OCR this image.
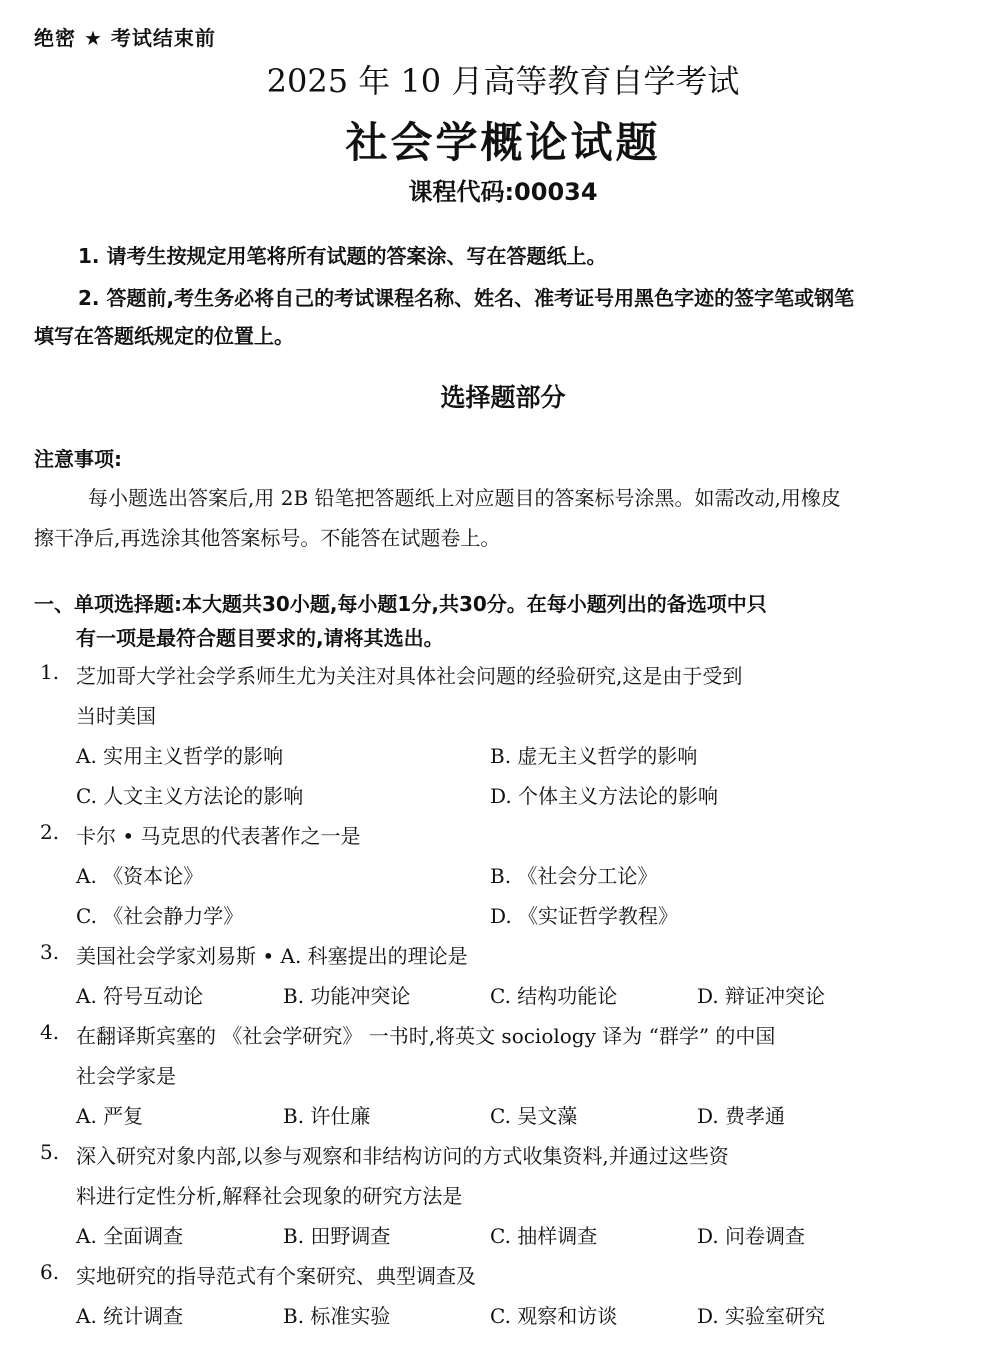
绝密 ★ 考试结束前
2025 年 10 月高等教育自学考试
社会学概论试题
课程代码:00034
1. 请考生按规定用笔将所有试题的答案涂、写在答题纸上。
2. 答题前,考生务必将自己的考试课程名称、姓名、准考证号用黑色字迹的签字笔或钢笔
填写在答题纸规定的位置上。
选择题部分
注意事项:
每小题选出答案后,用 2B 铅笔把答题纸上对应题目的答案标号涂黑。如需改动,用橡皮
擦干净后,再选涂其他答案标号。不能答在试题卷上。
一、单项选择题:本大题共30小题,每小题1分,共30分。在每小题列出的备选项中只
有一项是最符合题目要求的,请将其选出。
1. 芝加哥大学社会学系师生尤为关注对具体社会问题的经验研究,这是由于受到
当时美国
A. 实用主义哲学的影响	B. 虚无主义哲学的影响
C. 人文主义方法论的影响	D. 个体主义方法论的影响
2. 卡尔 • 马克思的代表著作之一是
A. 《资本论》	B. 《社会分工论》
C. 《社会静力学》	D. 《实证哲学教程》
3. 美国社会学家刘易斯 • A. 科塞提出的理论是
A. 符号互动论	B. 功能冲突论	C. 结构功能论	D. 辩证冲突论
4. 在翻译斯宾塞的 《社会学研究》 一书时,将英文 sociology 译为 “群学” 的中国
社会学家是
A. 严复	B. 许仕廉	C. 吴文藻	D. 费孝通
5. 深入研究对象内部,以参与观察和非结构访问的方式收集资料,并通过这些资
料进行定性分析,解释社会现象的研究方法是
A. 全面调查	B. 田野调查	C. 抽样调查	D. 问卷调查
6. 实地研究的指导范式有个案研究、典型调查及
A. 统计调查	B. 标准实验	C. 观察和访谈	D. 实验室研究
